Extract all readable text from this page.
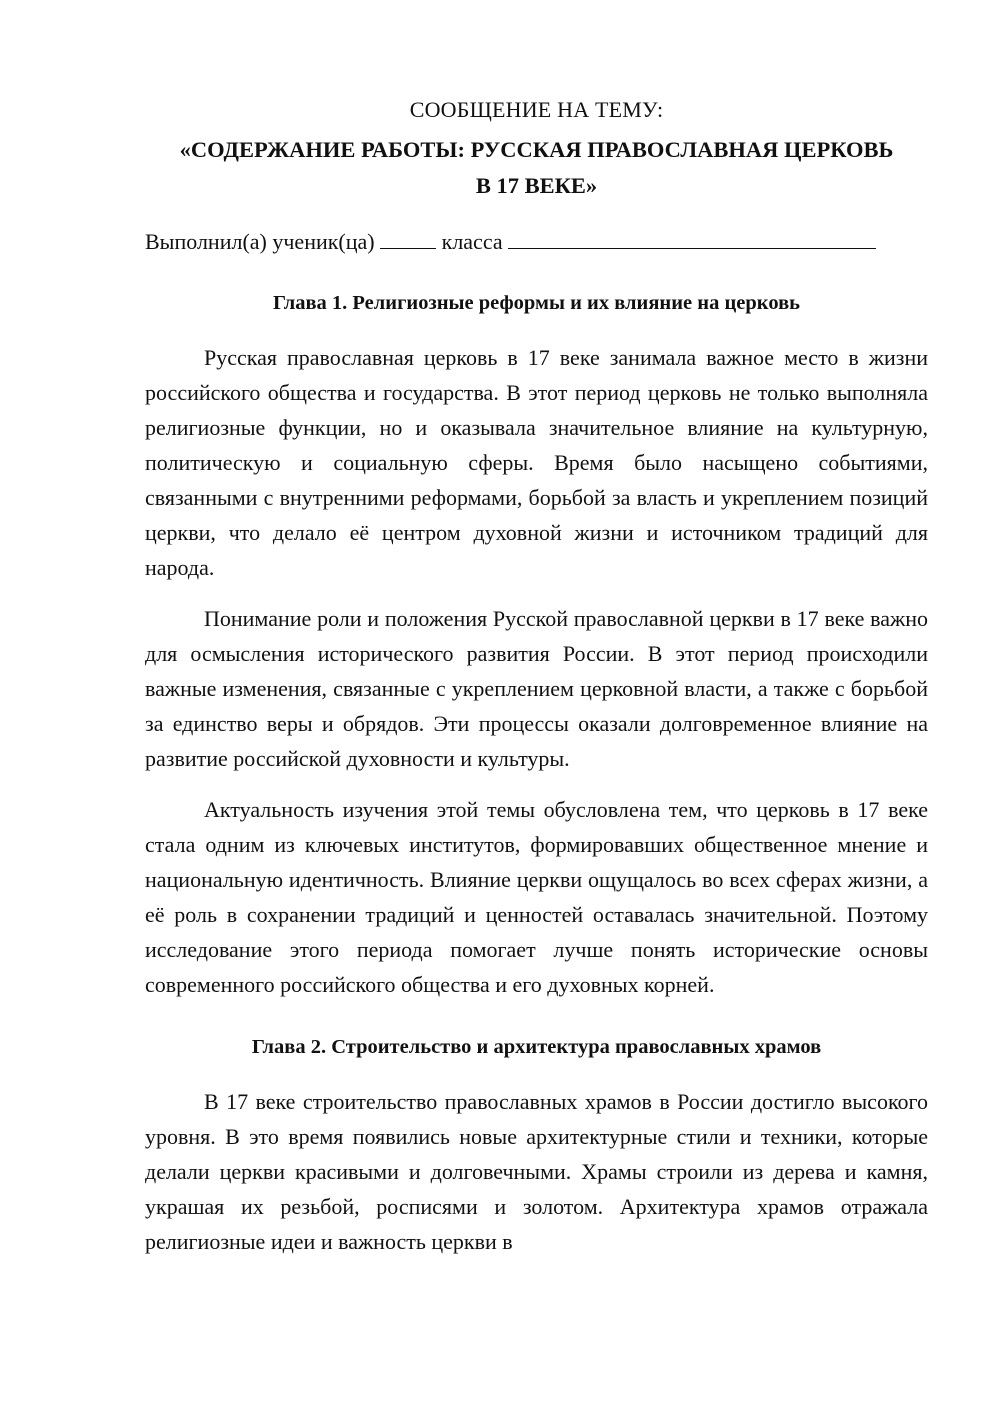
СООБЩЕНИЕ НА ТЕМУ:
«СОДЕРЖАНИЕ РАБОТЫ: РУССКАЯ ПРАВОСЛАВНАЯ ЦЕРКОВЬ
В 17 ВЕКЕ»
Выполнил(а) ученик(ца)	класса
Глава 1. Религиозные реформы и их влияние на церковь

Русская православная церковь в 17 веке занимала важное место в жизни российского общества и государства. В этот период церковь не только выполняла религиозные функции, но и оказывала значительное влияние на культурную, политическую и социальную сферы. Время было насыщено событиями, связанными с внутренними реформами, борьбой за власть и укреплением позиций церкви, что делало её центром духовной жизни и источником традиций для народа.

Понимание роли и положения Русской православной церкви в 17 веке важно для осмысления исторического развития России. В этот период происходили важные изменения, связанные с укреплением церковной власти, а также с борьбой за единство веры и обрядов. Эти процессы оказали долговременное влияние на развитие российской духовности и культуры.

Актуальность изучения этой темы обусловлена тем, что церковь в 17 веке стала одним из ключевых институтов, формировавших общественное мнение и национальную идентичность. Влияние церкви ощущалось во всех сферах жизни, а её роль в сохранении традиций и ценностей оставалась значительной. Поэтому исследование этого периода помогает лучше понять исторические основы современного российского общества и его духовных корней.

Глава 2. Строительство и архитектура православных храмов

В 17 веке строительство православных храмов в России достигло высокого уровня. В это время появились новые архитектурные стили и техники, которые делали церкви красивыми и долговечными. Храмы строили из дерева и камня, украшая их резьбой, росписями и золотом. Архитектура храмов отражала религиозные идеи и важность церкви в
